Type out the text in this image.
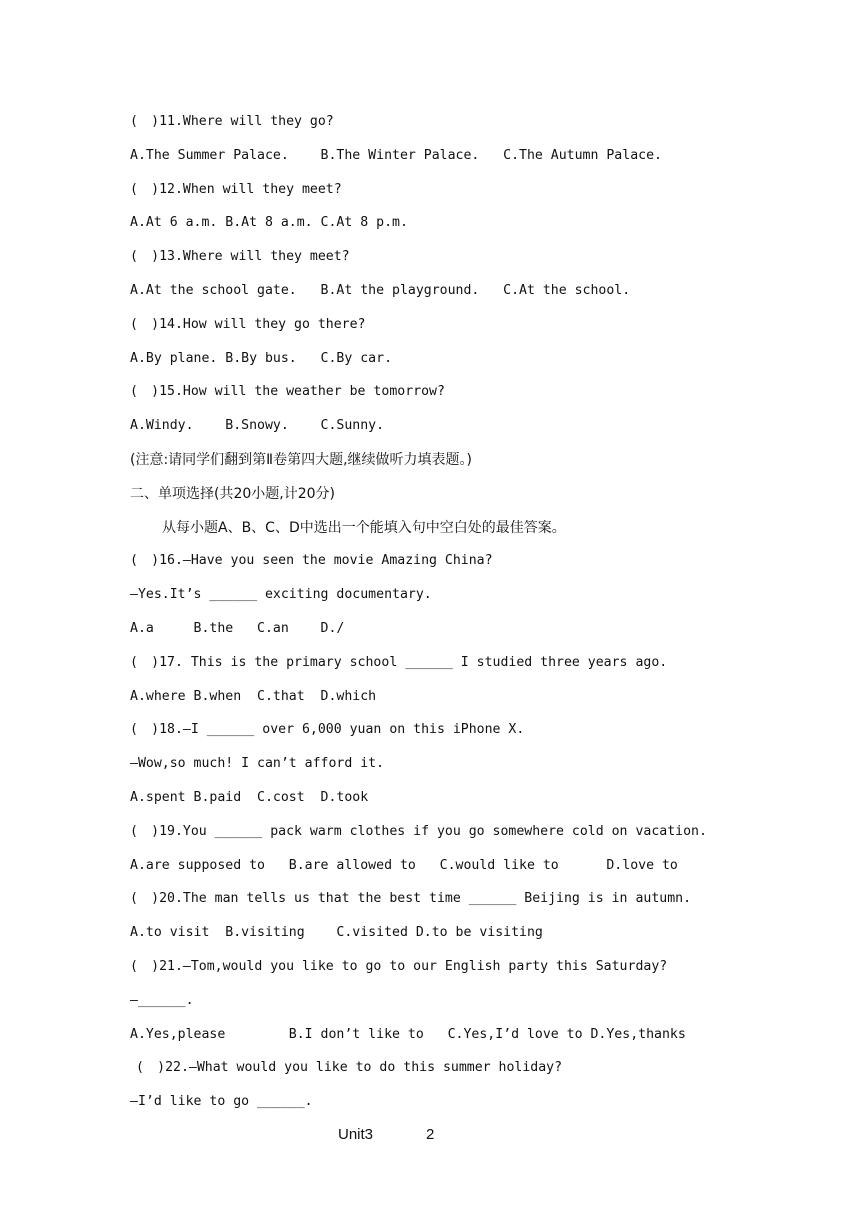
(　)11.Where will they go?
A.The Summer Palace.    B.The Winter Palace.   C.The Autumn Palace.
(　)12.When will they meet?
A.At 6 a.m. B.At 8 a.m. C.At 8 p.m.
(　)13.Where will they meet?
A.At the school gate.   B.At the playground.   C.At the school.
(　)14.How will they go there?
A.By plane. B.By bus.   C.By car.
(　)15.How will the weather be tomorrow?
A.Windy.    B.Snowy.    C.Sunny.
(注意:请同学们翻到第Ⅱ卷第四大题,继续做听力填表题。)
二、单项选择(共20小题,计20分)
从每小题A、B、C、D中选出一个能填入句中空白处的最佳答案。
(　)16.—Have you seen the movie Amazing China?
—Yes.It’s ______ exciting documentary.
A.a     B.the   C.an    D./
(　)17. This is the primary school ______ I studied three years ago.
A.where B.when  C.that  D.which
(　)18.—I ______ over 6,000 yuan on this iPhone X.
—Wow,so much! I can’t afford it.
A.spent B.paid  C.cost  D.took
(　)19.You ______ pack warm clothes if you go somewhere cold on vacation.
A.are supposed to   B.are allowed to   C.would like to      D.love to
(　)20.The man tells us that the best time ______ Beijing is in autumn.
A.to visit  B.visiting    C.visited D.to be visiting
(　)21.—Tom,would you like to go to our English party this Saturday?
—______.
A.Yes,please        B.I don’t like to   C.Yes,I’d love to D.Yes,thanks
(　)22.—What would you like to do this summer holiday?
—I’d like to go ______.
Unit3	2
